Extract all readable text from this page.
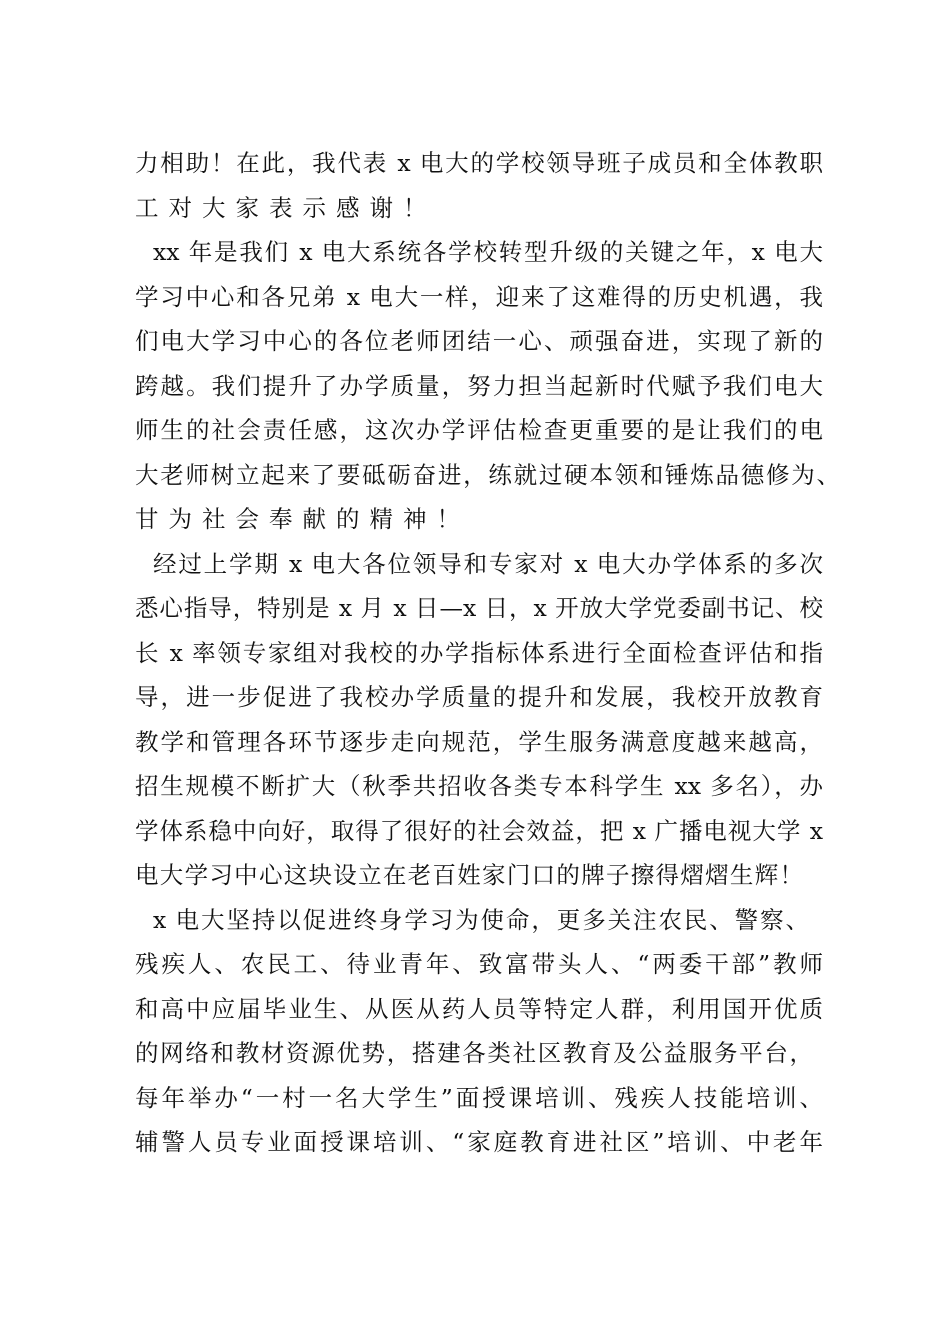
力相助！在此，我代表 x 电大的学校领导班子成员和全体教职
工对大家表示感谢！
xx 年是我们 x 电大系统各学校转型升级的关键之年，x 电大
学习中心和各兄弟 x 电大一样，迎来了这难得的历史机遇，我
们电大学习中心的各位老师团结一心、顽强奋进，实现了新的
跨越。我们提升了办学质量，努力担当起新时代赋予我们电大
师生的社会责任感，这次办学评估检查更重要的是让我们的电
大老师树立起来了要砥砺奋进，练就过硬本领和锤炼品德修为、
甘为社会奉献的精神！
经过上学期 x 电大各位领导和专家对 x 电大办学体系的多次
悉心指导，特别是 x 月 x 日—x 日，x 开放大学党委副书记、校
长 x 率领专家组对我校的办学指标体系进行全面检查评估和指
导，进一步促进了我校办学质量的提升和发展，我校开放教育
教学和管理各环节逐步走向规范，学生服务满意度越来越高，
招生规模不断扩大（秋季共招收各类专本科学生 xx 多名），办
学体系稳中向好，取得了很好的社会效益，把 x 广播电视大学 x
电大学习中心这块设立在老百姓家门口的牌子擦得熠熠生辉！
x 电大坚持以促进终身学习为使命，更多关注农民、警察、
残疾人、农民工、待业青年、致富带头人、“两委干部”教师
和高中应届毕业生、从医从药人员等特定人群，利用国开优质
的网络和教材资源优势，搭建各类社区教育及公益服务平台，
每年举办“一村一名大学生”面授课培训、残疾人技能培训、
辅警人员专业面授课培训、“家庭教育进社区”培训、中老年
